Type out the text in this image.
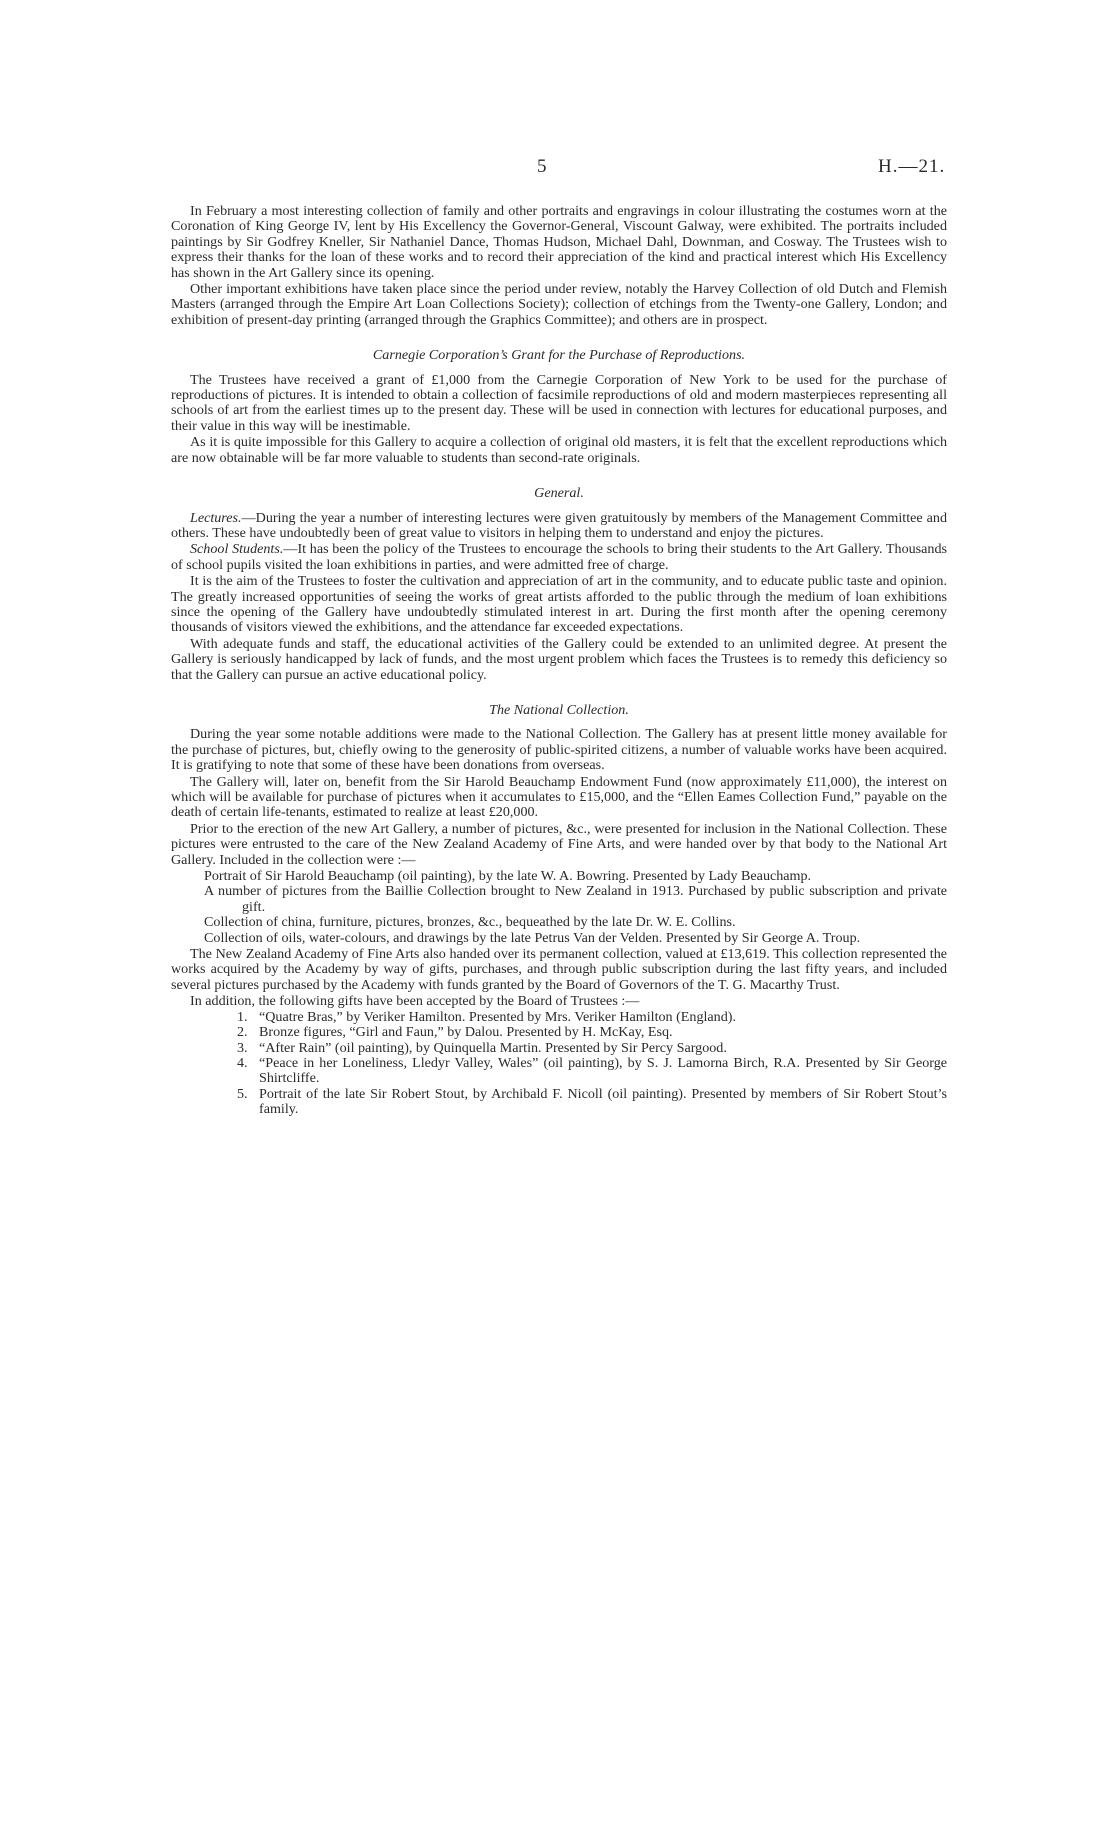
5	H.—21.

In February a most interesting collection of family and other portraits and engravings in colour illustrating the costumes worn at the Coronation of King George IV, lent by His Excellency the Governor-General, Viscount Galway, were exhibited. The portraits included paintings by Sir Godfrey Kneller, Sir Nathaniel Dance, Thomas Hudson, Michael Dahl, Downman, and Cosway. The Trustees wish to express their thanks for the loan of these works and to record their appreciation of the kind and practical interest which His Excellency has shown in the Art Gallery since its opening.

Other important exhibitions have taken place since the period under review, notably the Harvey Collection of old Dutch and Flemish Masters (arranged through the Empire Art Loan Collections Society); collection of etchings from the Twenty-one Gallery, London; and exhibition of present-day printing (arranged through the Graphics Committee); and others are in prospect.

Carnegie Corporation’s Grant for the Purchase of Reproductions.

The Trustees have received a grant of £1,000 from the Carnegie Corporation of New York to be used for the purchase of reproductions of pictures. It is intended to obtain a collection of facsimile reproductions of old and modern masterpieces representing all schools of art from the earliest times up to the present day. These will be used in connection with lectures for educational purposes, and their value in this way will be inestimable.

As it is quite impossible for this Gallery to acquire a collection of original old masters, it is felt that the excellent reproductions which are now obtainable will be far more valuable to students than second-rate originals.

General.

Lectures.—During the year a number of interesting lectures were given gratuitously by members of the Management Committee and others. These have undoubtedly been of great value to visitors in helping them to understand and enjoy the pictures.

School Students.—It has been the policy of the Trustees to encourage the schools to bring their students to the Art Gallery. Thousands of school pupils visited the loan exhibitions in parties, and were admitted free of charge.

It is the aim of the Trustees to foster the cultivation and appreciation of art in the community, and to educate public taste and opinion. The greatly increased opportunities of seeing the works of great artists afforded to the public through the medium of loan exhibitions since the opening of the Gallery have undoubtedly stimulated interest in art. During the first month after the opening ceremony thousands of visitors viewed the exhibitions, and the attendance far exceeded expectations.

With adequate funds and staff, the educational activities of the Gallery could be extended to an unlimited degree. At present the Gallery is seriously handicapped by lack of funds, and the most urgent problem which faces the Trustees is to remedy this deficiency so that the Gallery can pursue an active educational policy.

The National Collection.

During the year some notable additions were made to the National Collection. The Gallery has at present little money available for the purchase of pictures, but, chiefly owing to the generosity of public-spirited citizens, a number of valuable works have been acquired. It is gratifying to note that some of these have been donations from overseas.

The Gallery will, later on, benefit from the Sir Harold Beauchamp Endowment Fund (now approximately £11,000), the interest on which will be available for purchase of pictures when it accumulates to £15,000, and the “Ellen Eames Collection Fund,” payable on the death of certain life-tenants, estimated to realize at least £20,000.

Prior to the erection of the new Art Gallery, a number of pictures, &c., were presented for inclusion in the National Collection. These pictures were entrusted to the care of the New Zealand Academy of Fine Arts, and were handed over by that body to the National Art Gallery. Included in the collection were :—

Portrait of Sir Harold Beauchamp (oil painting), by the late W. A. Bowring. Presented by Lady Beauchamp.
A number of pictures from the Baillie Collection brought to New Zealand in 1913. Purchased by public subscription and private gift.
Collection of china, furniture, pictures, bronzes, &c., bequeathed by the late Dr. W. E. Collins.
Collection of oils, water-colours, and drawings by the late Petrus Van der Velden. Presented by Sir George A. Troup.

The New Zealand Academy of Fine Arts also handed over its permanent collection, valued at £13,619. This collection represented the works acquired by the Academy by way of gifts, purchases, and through public subscription during the last fifty years, and included several pictures purchased by the Academy with funds granted by the Board of Governors of the T. G. Macarthy Trust.

In addition, the following gifts have been accepted by the Board of Trustees :—

1. “Quatre Bras,” by Veriker Hamilton. Presented by Mrs. Veriker Hamilton (England).
2. Bronze figures, “Girl and Faun,” by Dalou. Presented by H. McKay, Esq.
3. “After Rain” (oil painting), by Quinquella Martin. Presented by Sir Percy Sargood.
4. “Peace in her Loneliness, Lledyr Valley, Wales” (oil painting), by S. J. Lamorna Birch, R.A. Presented by Sir George Shirtcliffe.
5. Portrait of the late Sir Robert Stout, by Archibald F. Nicoll (oil painting). Presented by members of Sir Robert Stout’s family.
